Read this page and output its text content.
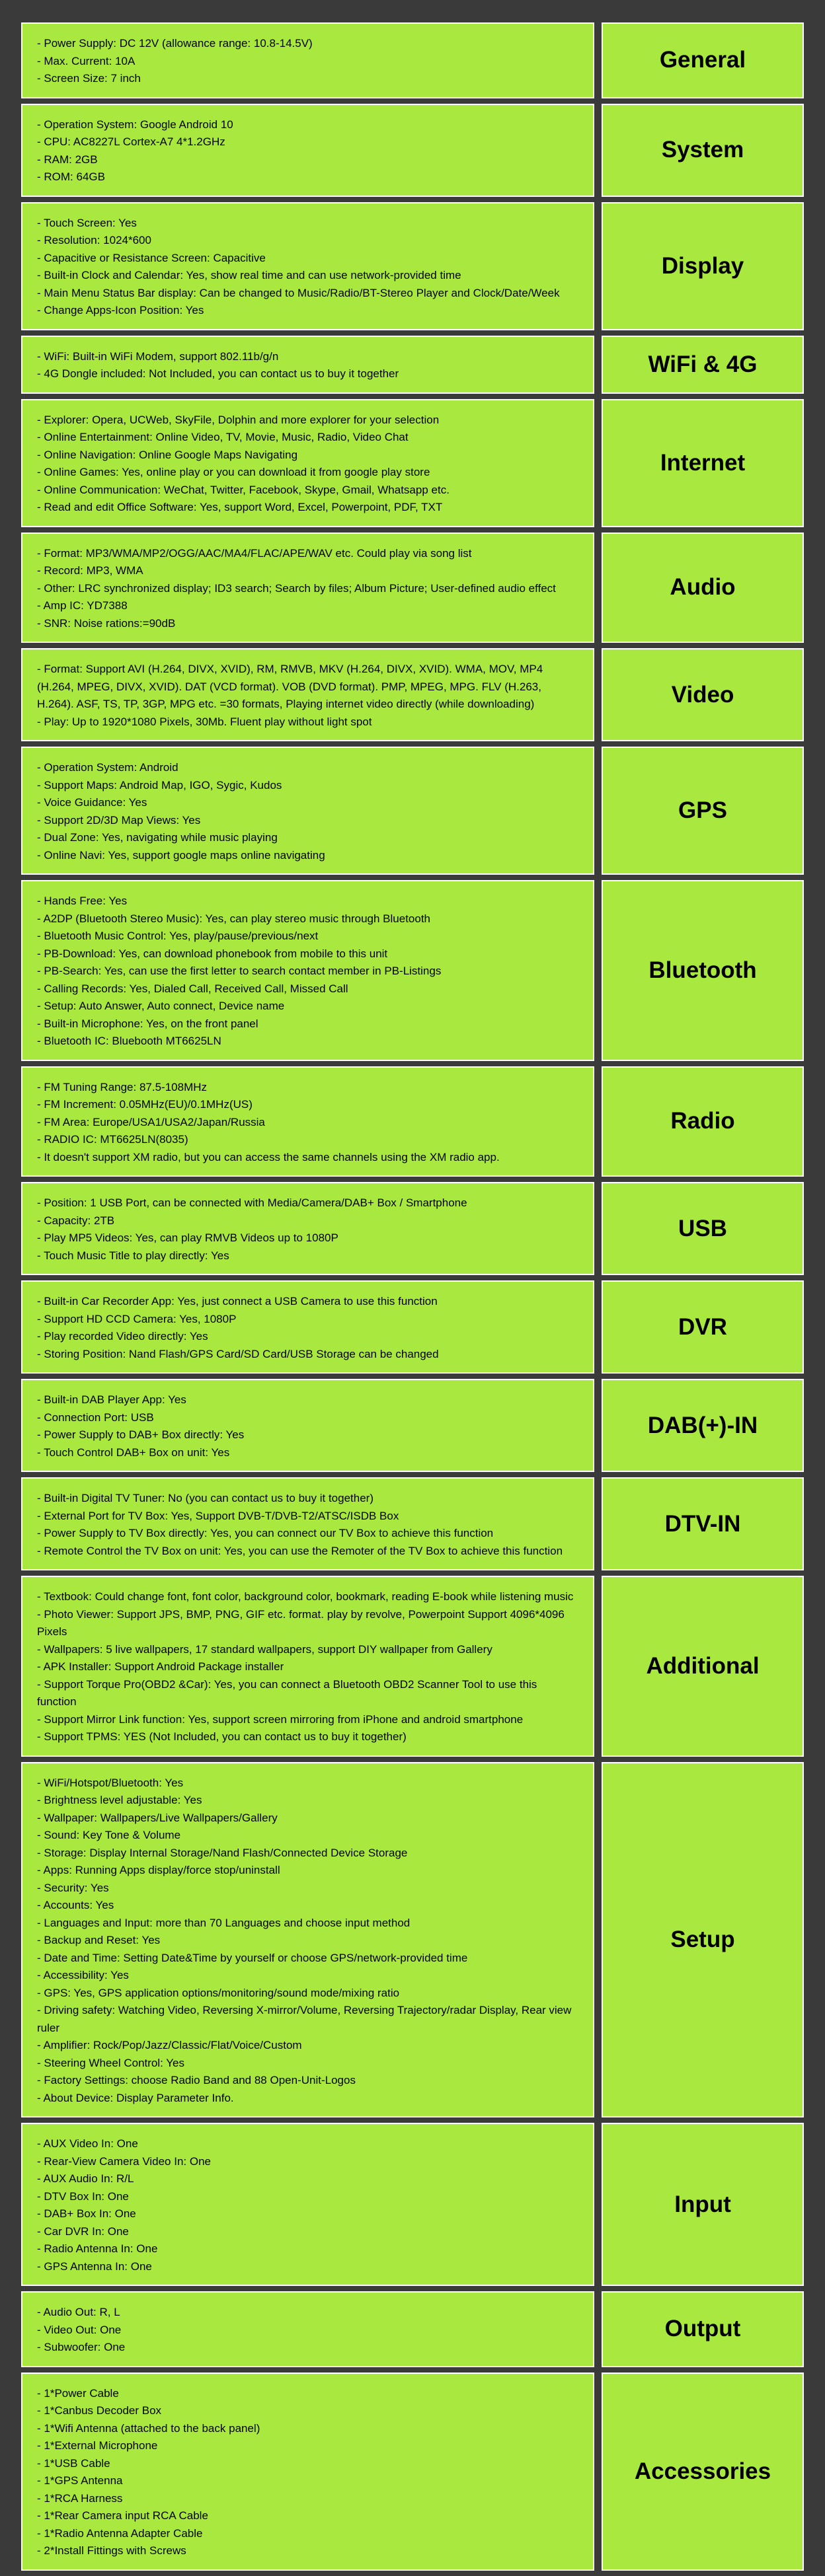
- Power Supply: DC 12V (allowance range: 10.8-14.5V)
- Max. Current: 10A
- Screen Size: 7 inch
General
- Operation System: Google Android 10
- CPU: AC8227L Cortex-A7 4*1.2GHz
- RAM: 2GB
- ROM: 64GB
System
- Touch Screen: Yes
- Resolution: 1024*600
- Capacitive or Resistance Screen: Capacitive
- Built-in Clock and Calendar: Yes, show real time and can use network-provided time
- Main Menu Status Bar display: Can be changed to Music/Radio/BT-Stereo Player and Clock/Date/Week
- Change Apps-Icon Position: Yes
Display
- WiFi: Built-in WiFi Modem, support 802.11b/g/n
- 4G Dongle included: Not Included, you can contact us to buy it together	WiFi & 4G
- Explorer: Opera, UCWeb, SkyFile, Dolphin and more explorer for your selection
- Online Entertainment: Online Video, TV, Movie, Music, Radio, Video Chat
- Online Navigation: Online Google Maps Navigating
- Online Games: Yes, online play or you can download it from google play store
- Online Communication: WeChat, Twitter, Facebook, Skype, Gmail, Whatsapp etc.
- Read and edit Office Software: Yes, support Word, Excel, Powerpoint, PDF, TXT
Internet
- Format: MP3/WMA/MP2/OGG/AAC/MA4/FLAC/APE/WAV etc. Could play via song list
- Record: MP3, WMA
- Other: LRC synchronized display; ID3 search; Search by files; Album Picture; User-defined audio effect
- Amp IC: YD7388
- SNR: Noise rations:=90dB
Audio
- Format: Support AVI (H.264, DIVX, XVID), RM, RMVB, MKV (H.264, DIVX, XVID). WMA, MOV, MP4 (H.264, MPEG, DIVX, XVID). DAT (VCD format). VOB (DVD format). PMP, MPEG, MPG. FLV (H.263, H.264). ASF, TS, TP, 3GP, MPG etc. =30 formats, Playing internet video directly (while downloading)
- Play: Up to 1920*1080 Pixels, 30Mb. Fluent play without light spot
Video
- Operation System: Android
- Support Maps: Android Map, IGO, Sygic, Kudos
- Voice Guidance: Yes
- Support 2D/3D Map Views: Yes
- Dual Zone: Yes, navigating while music playing
- Online Navi: Yes, support google maps online navigating
GPS
- Hands Free: Yes
- A2DP (Bluetooth Stereo Music): Yes, can play stereo music through Bluetooth
- Bluetooth Music Control: Yes, play/pause/previous/next
- PB-Download: Yes, can download phonebook from mobile to this unit
- PB-Search: Yes, can use the first letter to search contact member in PB-Listings
- Calling Records: Yes, Dialed Call, Received Call, Missed Call
- Setup: Auto Answer, Auto connect, Device name
- Built-in Microphone: Yes, on the front panel
- Bluetooth IC: Bluebooth MT6625LN
Bluetooth
- FM Tuning Range: 87.5-108MHz
- FM Increment: 0.05MHz(EU)/0.1MHz(US)
- FM Area: Europe/USA1/USA2/Japan/Russia
- RADIO IC: MT6625LN(8035)
- It doesn't support XM radio, but you can access the same channels using the XM radio app.
Radio
- Position: 1 USB Port, can be connected with Media/Camera/DAB+ Box / Smartphone
- Capacity: 2TB
- Play MP5 Videos: Yes, can play RMVB Videos up to 1080P
- Touch Music Title to play directly: Yes
USB
- Built-in Car Recorder App: Yes, just connect a USB Camera to use this function
- Support HD CCD Camera: Yes, 1080P
- Play recorded Video directly: Yes
- Storing Position: Nand Flash/GPS Card/SD Card/USB Storage can be changed
DVR
- Built-in DAB Player App: Yes
- Connection Port: USB
- Power Supply to DAB+ Box directly: Yes
- Touch Control DAB+ Box on unit: Yes
DAB(+)-IN
- Built-in Digital TV Tuner: No (you can contact us to buy it together)
- External Port for TV Box: Yes, Support DVB-T/DVB-T2/ATSC/ISDB Box
- Power Supply to TV Box directly: Yes, you can connect our TV Box to achieve this function
- Remote Control the TV Box on unit: Yes, you can use the Remoter of the TV Box to achieve this function
DTV-IN
- Textbook: Could change font, font color, background color, bookmark, reading E-book while listening music
- Photo Viewer: Support JPS, BMP, PNG, GIF etc. format. play by revolve, Powerpoint Support 4096*4096 Pixels
- Wallpapers: 5 live wallpapers, 17 standard wallpapers, support DIY wallpaper from Gallery
- APK Installer: Support Android Package installer
- Support Torque Pro(OBD2 &Car): Yes, you can connect a Bluetooth OBD2 Scanner Tool to use this function
- Support Mirror Link function: Yes, support screen mirroring from iPhone and android smartphone
- Support TPMS: YES (Not Included, you can contact us to buy it together)
Additional
- WiFi/Hotspot/Bluetooth: Yes
- Brightness level adjustable: Yes
- Wallpaper: Wallpapers/Live Wallpapers/Gallery
- Sound: Key Tone & Volume
- Storage: Display Internal Storage/Nand Flash/Connected Device Storage
- Apps: Running Apps display/force stop/uninstall
- Security: Yes
- Accounts: Yes
- Languages and Input: more than 70 Languages and choose input method
- Backup and Reset: Yes
- Date and Time: Setting Date&Time by yourself or choose GPS/network-provided time
- Accessibility: Yes
- GPS: Yes, GPS application options/monitoring/sound mode/mixing ratio
- Driving safety: Watching Video, Reversing X-mirror/Volume, Reversing Trajectory/radar Display, Rear view ruler
- Amplifier: Rock/Pop/Jazz/Classic/Flat/Voice/Custom
- Steering Wheel Control: Yes
- Factory Settings: choose Radio Band and 88 Open-Unit-Logos
- About Device: Display Parameter Info.
Setup
- AUX Video In: One
- Rear-View Camera Video In: One
- AUX Audio In: R/L
- DTV Box In: One
- DAB+ Box In: One
- Car DVR In: One
- Radio Antenna In: One
- GPS Antenna In: One
Input
- Audio Out: R, L
- Video Out: One
- Subwoofer: One
Output
- 1*Power Cable
- 1*Canbus Decoder Box
- 1*Wifi Antenna (attached to the back panel)
- 1*External Microphone
- 1*USB Cable
- 1*GPS Antenna
- 1*RCA Harness
- 1*Rear Camera input RCA Cable
- 1*Radio Antenna Adapter Cable
- 2*Install Fittings with Screws
Accessories
